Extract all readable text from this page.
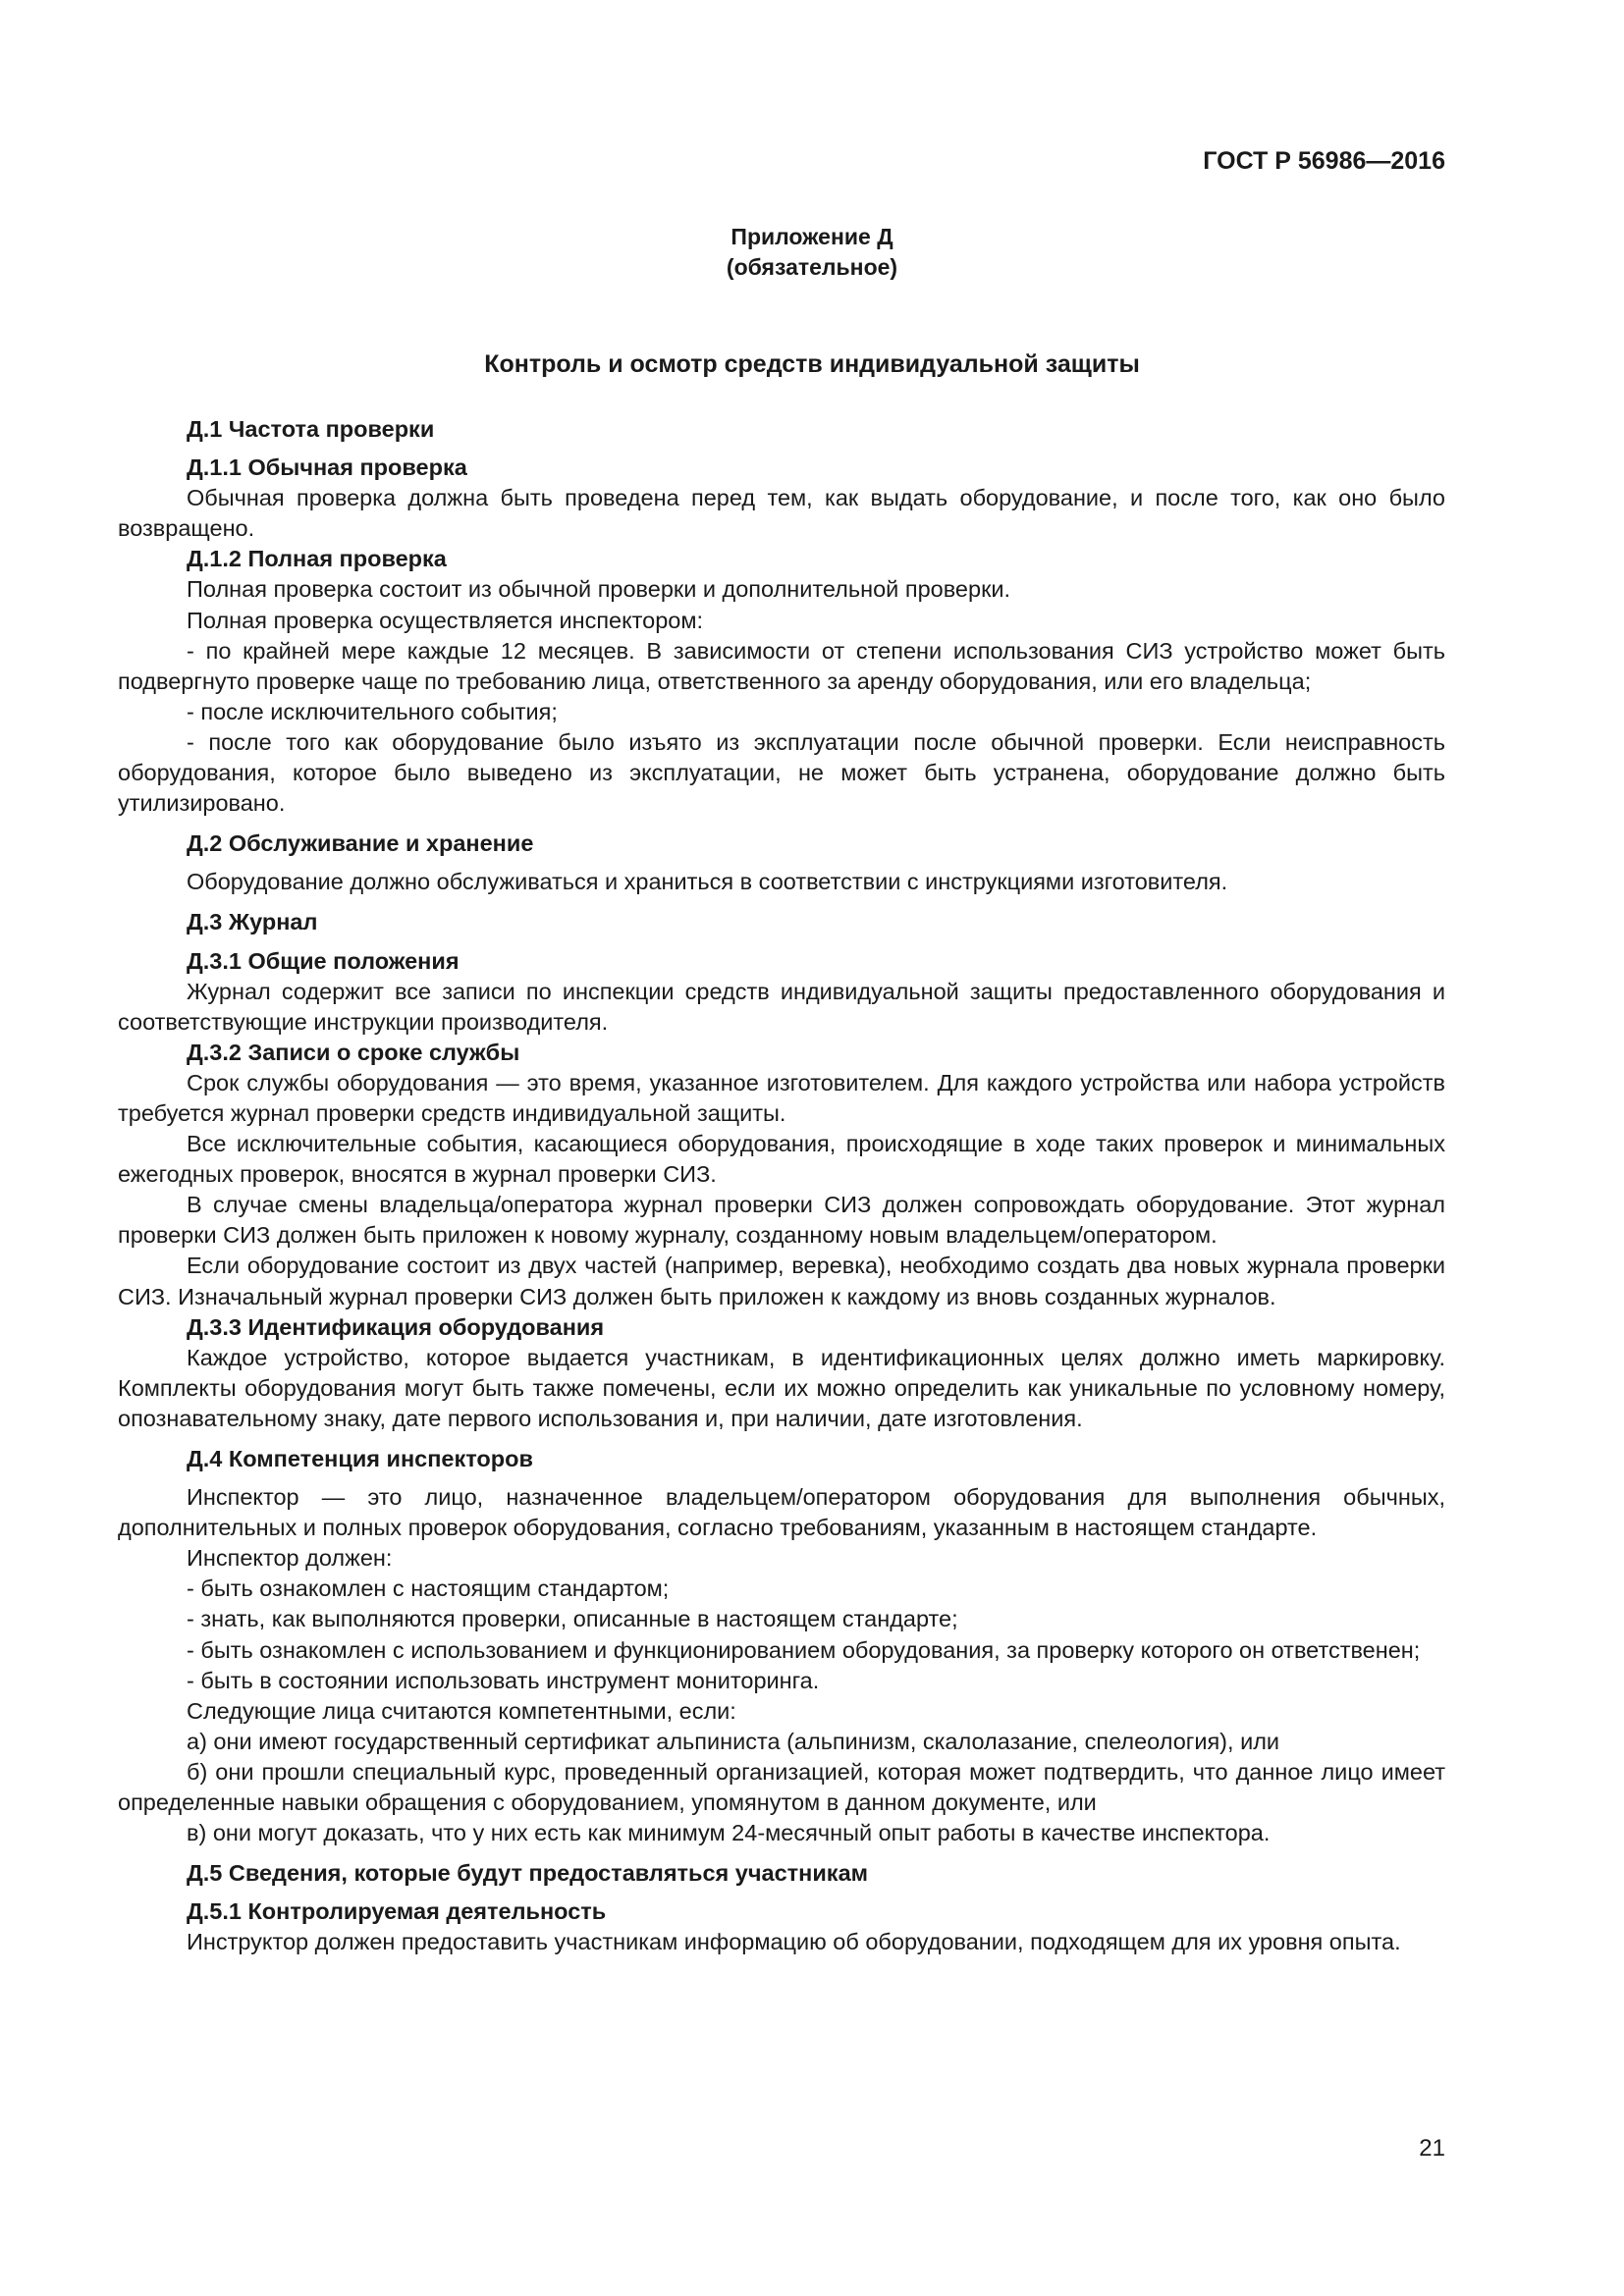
ГОСТ Р 56986—2016
Приложение Д
(обязательное)
Контроль и осмотр средств индивидуальной защиты

Д.1 Частота проверки

Д.1.1 Обычная проверка

Обычная проверка должна быть проведена перед тем, как выдать оборудование, и после того, как оно было возвращено.

Д.1.2 Полная проверка

Полная проверка состоит из обычной проверки и дополнительной проверки.

Полная проверка осуществляется инспектором:

- по крайней мере каждые 12 месяцев. В зависимости от степени использования СИЗ устройство может быть подвергнуто проверке чаще по требованию лица, ответственного за аренду оборудования, или его владельца;

- после исключительного события;

- после того как оборудование было изъято из эксплуатации после обычной проверки. Если неисправность оборудования, которое было выведено из эксплуатации, не может быть устранена, оборудование должно быть утилизировано.

Д.2 Обслуживание и хранение

Оборудование должно обслуживаться и храниться в соответствии с инструкциями изготовителя.

Д.3 Журнал

Д.3.1 Общие положения

Журнал содержит все записи по инспекции средств индивидуальной защиты предоставленного оборудования и соответствующие инструкции производителя.

Д.3.2 Записи о сроке службы

Срок службы оборудования — это время, указанное изготовителем. Для каждого устройства или набора устройств требуется журнал проверки средств индивидуальной защиты.

Все исключительные события, касающиеся оборудования, происходящие в ходе таких проверок и минимальных ежегодных проверок, вносятся в журнал проверки СИЗ.

В случае смены владельца/оператора журнал проверки СИЗ должен сопровождать оборудование. Этот журнал проверки СИЗ должен быть приложен к новому журналу, созданному новым владельцем/оператором.

Если оборудование состоит из двух частей (например, веревка), необходимо создать два новых журнала проверки СИЗ. Изначальный журнал проверки СИЗ должен быть приложен к каждому из вновь созданных журналов.

Д.3.3 Идентификация оборудования

Каждое устройство, которое выдается участникам, в идентификационных целях должно иметь маркировку. Комплекты оборудования могут быть также помечены, если их можно определить как уникальные по условному номеру, опознавательному знаку, дате первого использования и, при наличии, дате изготовления.

Д.4 Компетенция инспекторов

Инспектор — это лицо, назначенное владельцем/оператором оборудования для выполнения обычных, дополнительных и полных проверок оборудования, согласно требованиям, указанным в настоящем стандарте.

Инспектор должен:

- быть ознакомлен с настоящим стандартом;

- знать, как выполняются проверки, описанные в настоящем стандарте;

- быть ознакомлен с использованием и функционированием оборудования, за проверку которого он ответственен;

- быть в состоянии использовать инструмент мониторинга.

Следующие лица считаются компетентными, если:

а) они имеют государственный сертификат альпиниста (альпинизм, скалолазание, спелеология), или

б) они прошли специальный курс, проведенный организацией, которая может подтвердить, что данное лицо имеет определенные навыки обращения с оборудованием, упомянутом в данном документе, или

в) они могут доказать, что у них есть как минимум 24-месячный опыт работы в качестве инспектора.

Д.5 Сведения, которые будут предоставляться участникам

Д.5.1 Контролируемая деятельность

Инструктор должен предоставить участникам информацию об оборудовании, подходящем для их уровня опыта.

21
